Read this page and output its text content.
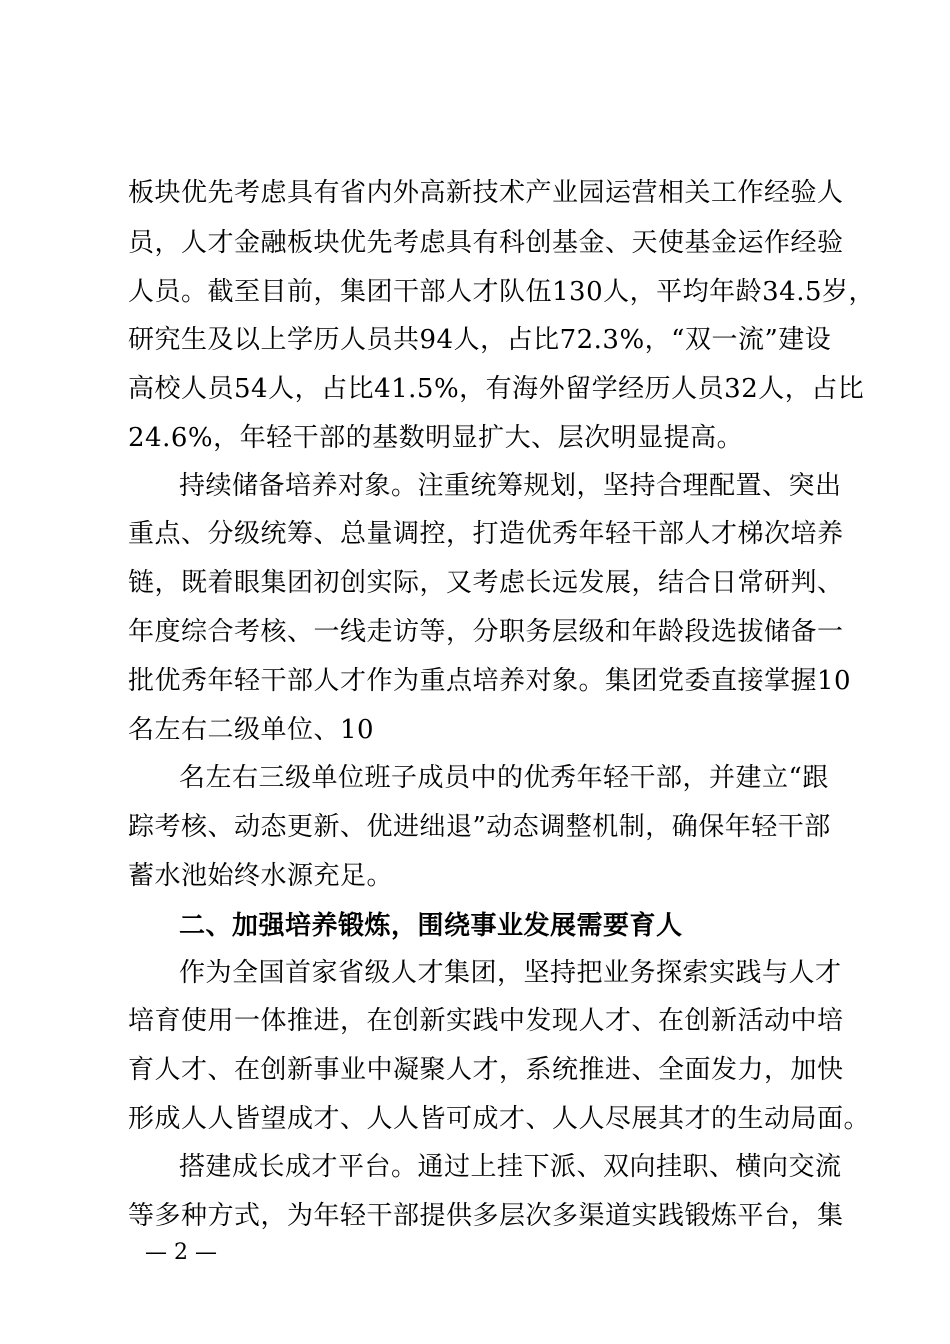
板块优先考虑具有省内外高新技术产业园运营相关工作经验人
员，人才金融板块优先考虑具有科创基金、天使基金运作经验
人员。截至目前，集团干部人才队伍130人，平均年龄34.5岁，
研究生及以上学历人员共94人，占比72.3%，“双一流”建设
高校人员54人，占比41.5%，有海外留学经历人员32人，占比
24.6%，年轻干部的基数明显扩大、层次明显提高。
持续储备培养对象。注重统筹规划，坚持合理配置、突出
重点、分级统筹、总量调控，打造优秀年轻干部人才梯次培养
链，既着眼集团初创实际，又考虑长远发展，结合日常研判、
年度综合考核、一线走访等，分职务层级和年龄段选拔储备一
批优秀年轻干部人才作为重点培养对象。集团党委直接掌握10
名左右二级单位、10
名左右三级单位班子成员中的优秀年轻干部，并建立“跟
踪考核、动态更新、优进绌退”动态调整机制，确保年轻干部
蓄水池始终水源充足。
二、加强培养锻炼，围绕事业发展需要育人
作为全国首家省级人才集团，坚持把业务探索实践与人才
培育使用一体推进，在创新实践中发现人才、在创新活动中培
育人才、在创新事业中凝聚人才，系统推进、全面发力，加快
形成人人皆望成才、人人皆可成才、人人尽展其才的生动局面。
搭建成长成才平台。通过上挂下派、双向挂职、横向交流
等多种方式，为年轻干部提供多层次多渠道实践锻炼平台，集
— 2 —
